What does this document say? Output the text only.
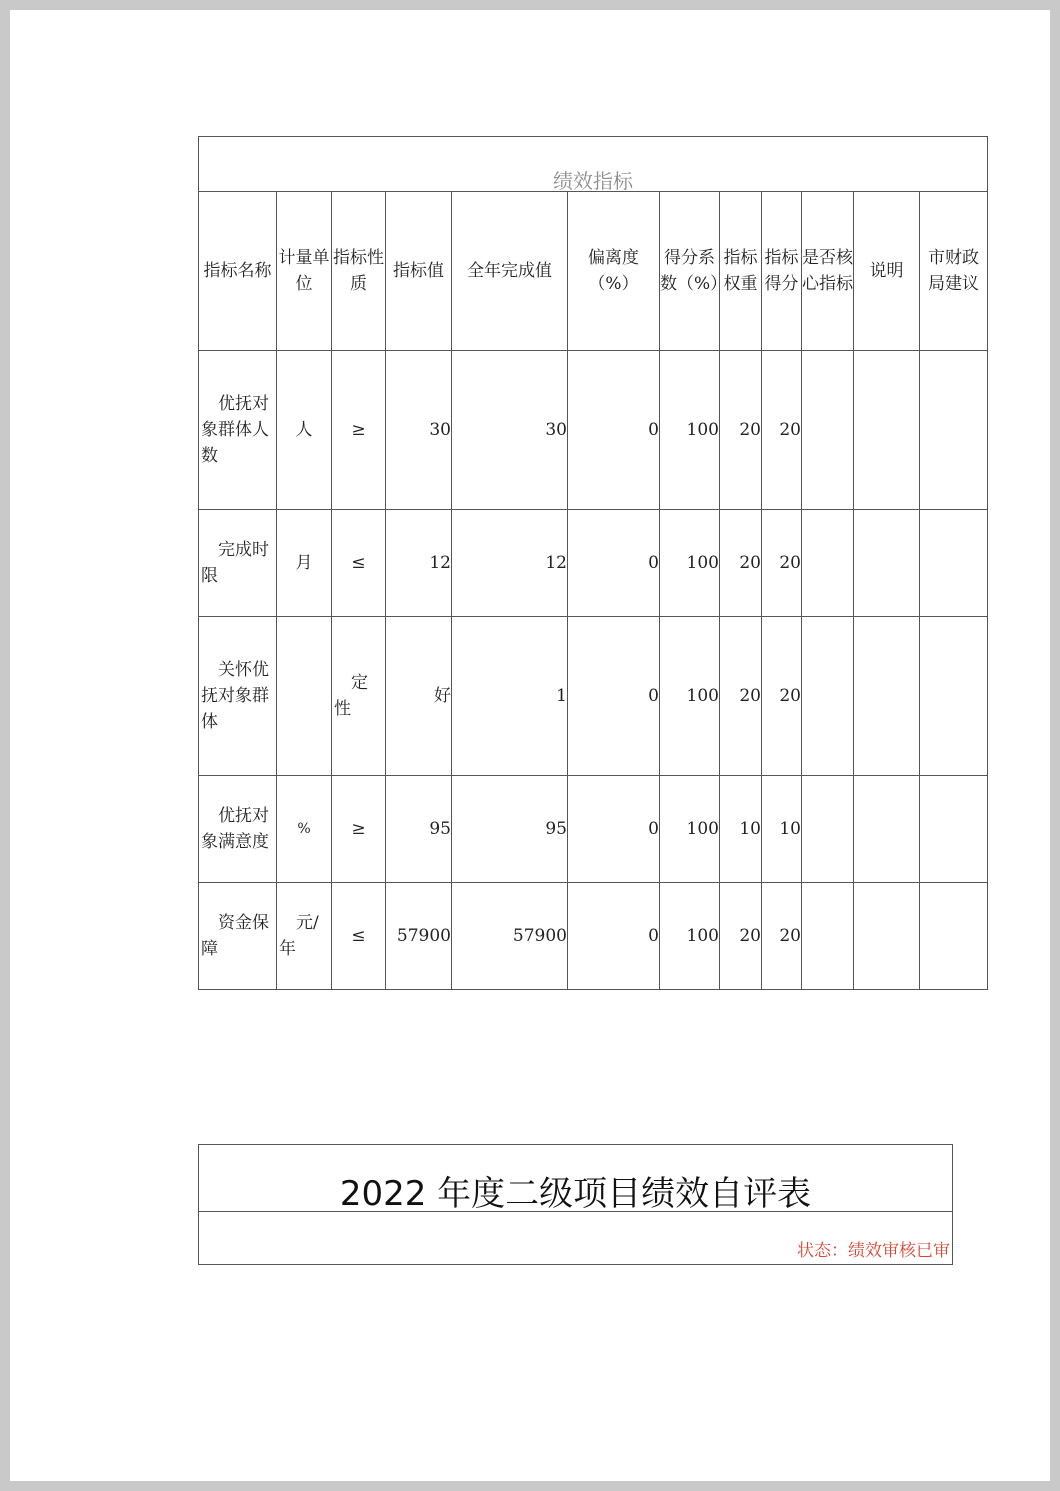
绩效指标											
指标名称	计量单位	指标性质	指标值	全年完成值	偏离度（%）	得分系数（%）	指标权重	指标得分	是否核心指标	说明	市财政局建议
优抚对象群体人数	人	≥	30	30	0	100	20	20			
完成时限	月	≤	12	12	0	100	20	20			
关怀优抚对象群体		定性	好	1	0	100	20	20			
优抚对象满意度	%	≥	95	95	0	100	10	10			
资金保障	元/年	≤	57900	57900	0	100	20	20			
2022 年度二级项目绩效自评表
状态：绩效审核已审
